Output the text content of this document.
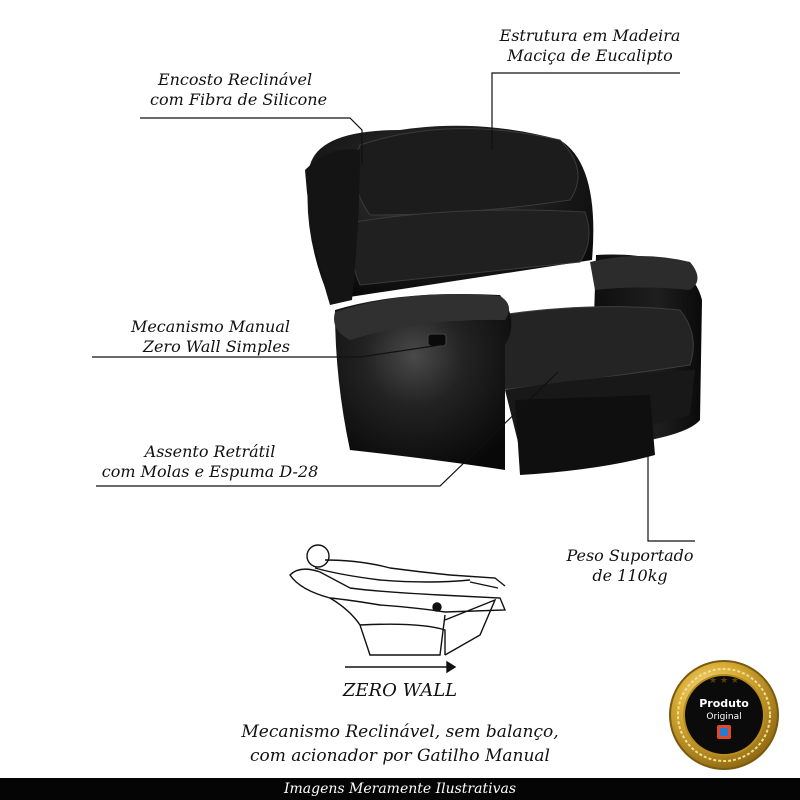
Encosto Reclinável
com Fibra de Silicone
Estrutura em Madeira
Maciça de Eucalipto
Mecanismo Manual
Zero Wall Simples
Assento Retrátil
com Molas e Espuma D-28
Peso Suportado
de 110kg
ZERO WALL
Mecanismo Reclinável, sem balanço,
com acionador por Gatilho Manual
★ ★ ★
Produto
Original
Imagens Meramente Ilustrativas
